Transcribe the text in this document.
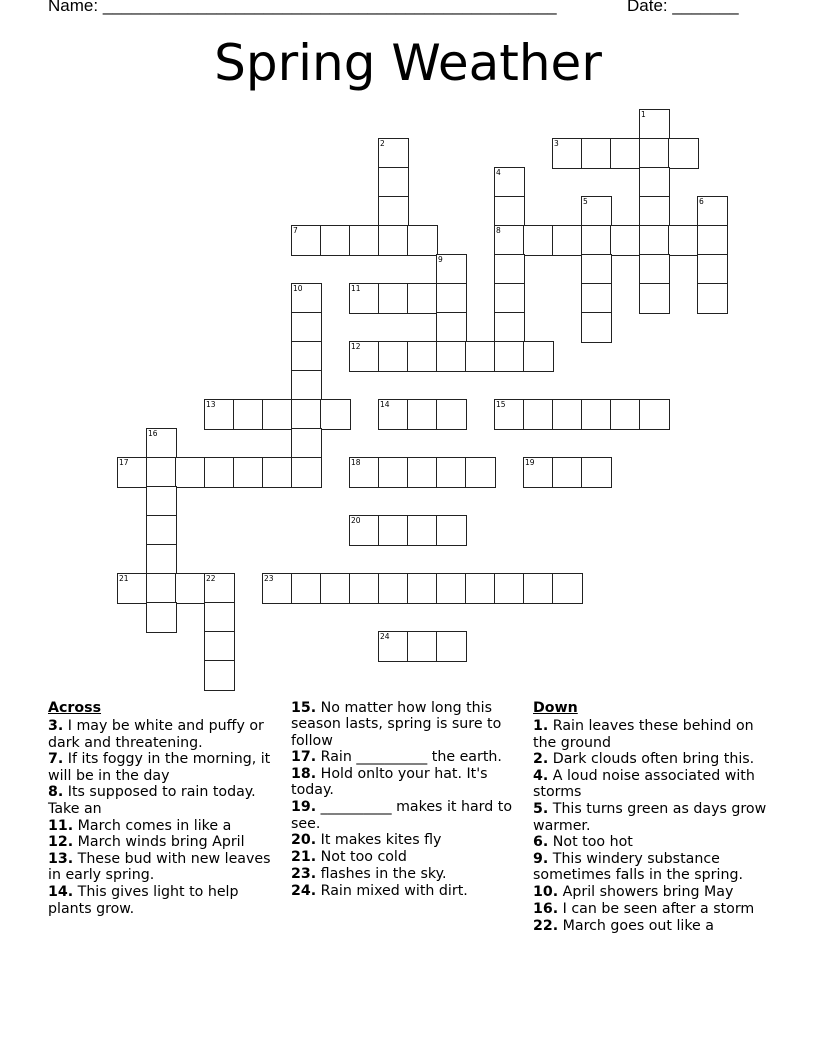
Name: ________________________________________________	Date: _______
Spring Weather
1
2	3
4
5	6
7	8
9
10	11
12
13	14	15
16
17	18	19
20
21	22	23
24
Across
3. I may be white and puffy or dark and threatening.
7. If its foggy in the morning, it will be in the day
8. Its supposed to rain today. Take an
11. March comes in like a
12. March winds bring April
13. These bud with new leaves in early spring.
14. This gives light to help plants grow.
15. No matter how long this season lasts, spring is sure to follow
17. Rain __________ the earth.
18. Hold onlto your hat. It's today.
19. __________ makes it hard to see.
20. It makes kites fly
21. Not too cold
23. flashes in the sky.
24. Rain mixed with dirt.
Down
1. Rain leaves these behind on the ground
2. Dark clouds often bring this.
4. A loud noise associated with storms
5. This turns green as days grow warmer.
6. Not too hot
9. This windery substance sometimes falls in the spring.
10. April showers bring May
16. I can be seen after a storm
22. March goes out like a
